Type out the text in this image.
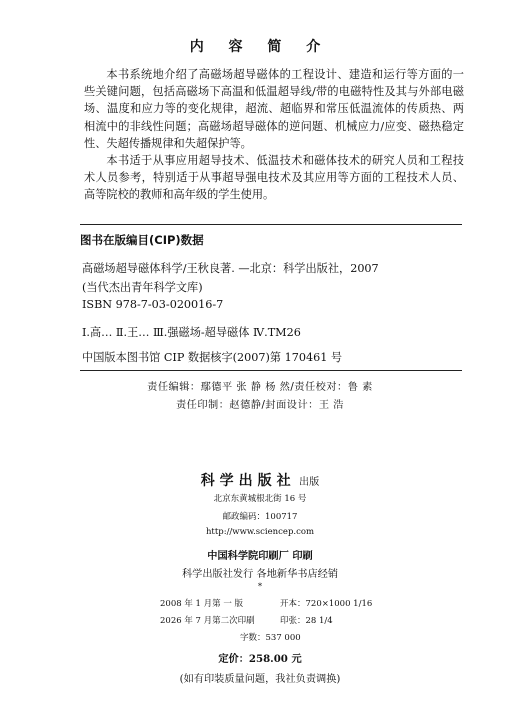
内 容 简 介

本书系统地介绍了高磁场超导磁体的工程设计、建造和运行等方面的一些关键问题，包括高磁场下高温和低温超导线/带的电磁特性及其与外部电磁场、温度和应力等的变化规律，超流、超临界和常压低温流体的传质热、两相流中的非线性问题；高磁场超导磁体的逆问题、机械应力/应变、磁热稳定性、失超传播规律和失超保护等。

本书适于从事应用超导技术、低温技术和磁体技术的研究人员和工程技术人员参考，特别适于从事超导强电技术及其应用等方面的工程技术人员、高等院校的教师和高年级的学生使用。

图书在版编目(CIP)数据
高磁场超导磁体科学/王秋良著. —北京：科学出版社，2007
(当代杰出青年科学文库)
ISBN 978-7-03-020016-7
Ⅰ.高… Ⅱ.王… Ⅲ.强磁场-超导磁体 Ⅳ.TM26
中国版本图书馆 CIP 数据核字(2007)第 170461 号
责任编辑：鄢德平 张 静 杨 然/责任校对：鲁 素
责任印制：赵德静/封面设计：王 浩
科学出版社 出版
北京东黄城根北街 16 号
邮政编码：100717
http://www.sciencep.com
中国科学院印刷厂 印刷
科学出版社发行 各地新华书店经销
*
2008 年 1 月第 一 版	开本：720×1000 1/16
2026 年 7 月第二次印刷	印张：28 1/4
字数：537 000
定价：258.00 元
(如有印装质量问题，我社负责调换)
